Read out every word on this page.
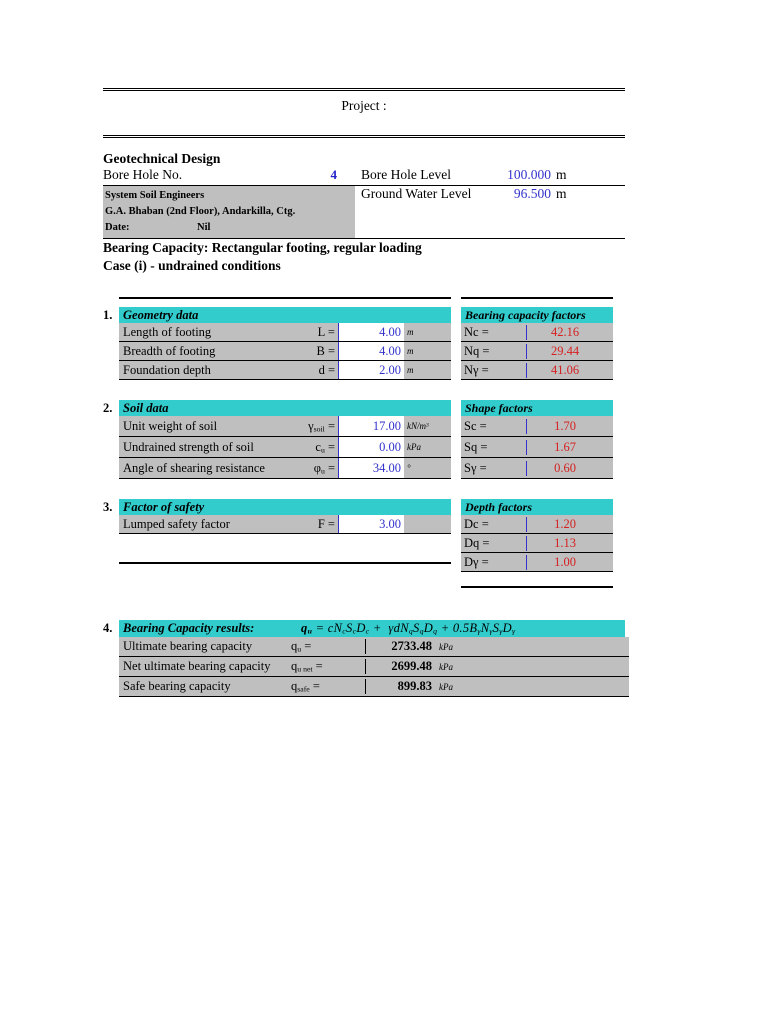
Project :
Geotechnical Design
Bore Hole No.	4
System Soil Engineers
G.A. Bhaban (2nd Floor), Andarkilla, Ctg.
Date:	Nil
Bore Hole Level	100.000 m
Ground Water Level	96.500 m
Bearing Capacity: Rectangular footing, regular loading
Case (i) - undrained conditions
1. Geometry data
Length of footing	L =	4.00 m
Breadth of footing	B =	4.00 m
Foundation depth	d =	2.00 m
2. Soil data
Unit weight of soil	$\gamma_{soil}$ =	17.00 $kN/m^3$
Undrained strength of soil	$c_u$ =	0.00 kPa
Angle of shearing resistance	$\varphi_u$ =	34.00 °
3. Factor of safety
Lumped safety factor	F =	3.00
Bearing capacity factors
Nc =	42.16
Nq =	29.44
Nγ =	41.06
Shape factors
Sc =	1.70
Sq =	1.67
Sγ =	0.60
Depth factors
Dc =	1.20
Dq =	1.13
Dγ =	1.00
4. Bearing Capacity results:	$q_u = cN_cS_cD_c + \gamma dN_qS_qD_q + 0.5B_\gamma N_\gamma S_\gamma D_\gamma$
Ultimate bearing capacity	$q_u$ =	2733.48 kPa
Net ultimate bearing capacity	$q_{u net}$ =	2699.48 kPa
Safe bearing capacity	$q_{safe}$ =	899.83 kPa
